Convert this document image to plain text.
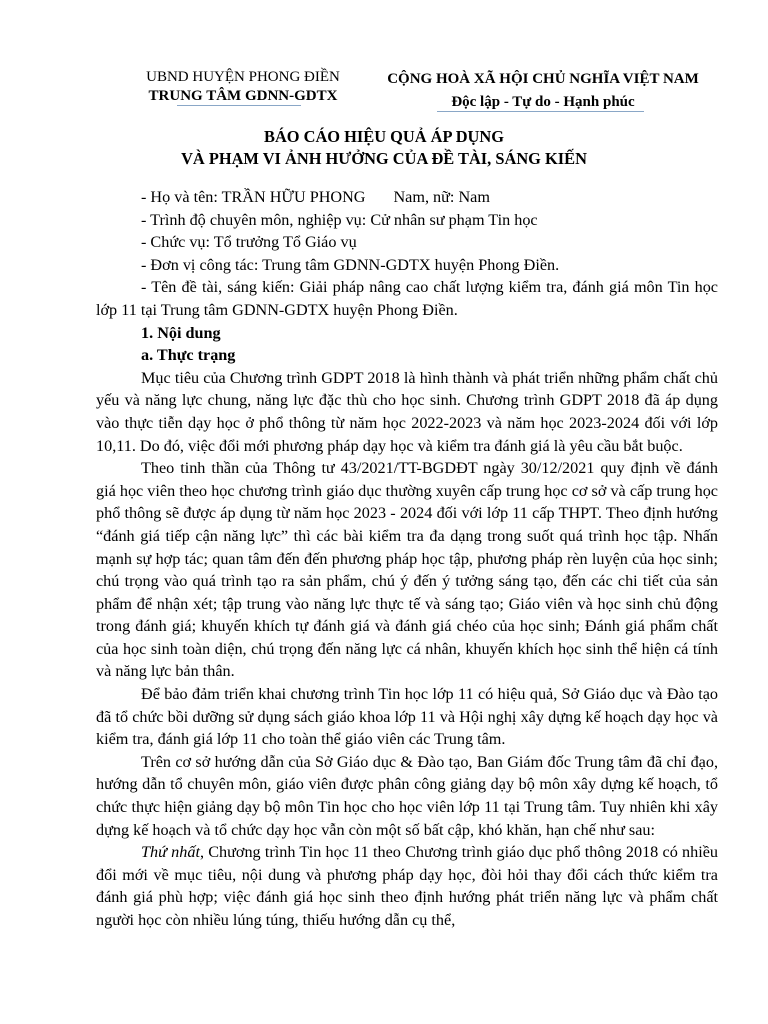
UBND HUYỆN PHONG ĐIỀN
TRUNG TÂM GDNN-GDTX
CỘNG HOÀ XÃ HỘI CHỦ NGHĨA VIỆT NAM
Độc lập - Tự do - Hạnh phúc
BÁO CÁO HIỆU QUẢ ÁP DỤNG
VÀ PHẠM VI ẢNH HƯỞNG CỦA ĐỀ TÀI, SÁNG KIẾN

- Họ và tên: TRẦN HỮU PHONG Nam, nữ: Nam

- Trình độ chuyên môn, nghiệp vụ: Cử nhân sư phạm Tin học

- Chức vụ: Tổ trưởng Tổ Giáo vụ

- Đơn vị công tác: Trung tâm GDNN-GDTX huyện Phong Điền.

- Tên đề tài, sáng kiến: Giải pháp nâng cao chất lượng kiểm tra, đánh giá môn Tin học lớp 11 tại Trung tâm GDNN-GDTX huyện Phong Điền.

1. Nội dung

a. Thực trạng

Mục tiêu của Chương trình GDPT 2018 là hình thành và phát triển những phẩm chất chủ yếu và năng lực chung, năng lực đặc thù cho học sinh. Chương trình GDPT 2018 đã áp dụng vào thực tiễn dạy học ở phổ thông từ năm học 2022-2023 và năm học 2023-2024 đối với lớp 10,11. Do đó, việc đổi mới phương pháp dạy học và kiểm tra đánh giá là yêu cầu bắt buộc.

Theo tinh thần của Thông tư 43/2021/TT-BGDĐT ngày 30/12/2021 quy định về đánh giá học viên theo học chương trình giáo dục thường xuyên cấp trung học cơ sở và cấp trung học phổ thông sẽ được áp dụng từ năm học 2023 - 2024 đối với lớp 11 cấp THPT. Theo định hướng “đánh giá tiếp cận năng lực” thì các bài kiểm tra đa dạng trong suốt quá trình học tập. Nhấn mạnh sự hợp tác; quan tâm đến đến phương pháp học tập, phương pháp rèn luyện của học sinh; chú trọng vào quá trình tạo ra sản phẩm, chú ý đến ý tưởng sáng tạo, đến các chi tiết của sản phẩm để nhận xét; tập trung vào năng lực thực tế và sáng tạo; Giáo viên và học sinh chủ động trong đánh giá; khuyến khích tự đánh giá và đánh giá chéo của học sinh; Đánh giá phẩm chất của học sinh toàn diện, chú trọng đến năng lực cá nhân, khuyến khích học sinh thể hiện cá tính và năng lực bản thân.

Để bảo đảm triển khai chương trình Tin học lớp 11 có hiệu quả, Sở Giáo dục và Đào tạo đã tổ chức bồi dưỡng sử dụng sách giáo khoa lớp 11 và Hội nghị xây dựng kế hoạch dạy học và kiểm tra, đánh giá lớp 11 cho toàn thể giáo viên các Trung tâm.

Trên cơ sở hướng dẫn của Sở Giáo dục & Đào tạo, Ban Giám đốc Trung tâm đã chỉ đạo, hướng dẫn tổ chuyên môn, giáo viên được phân công giảng dạy bộ môn xây dựng kế hoạch, tổ chức thực hiện giảng dạy bộ môn Tin học cho học viên lớp 11 tại Trung tâm. Tuy nhiên khi xây dựng kế hoạch và tổ chức dạy học vẫn còn một số bất cập, khó khăn, hạn chế như sau:

Thứ nhất, Chương trình Tin học 11 theo Chương trình giáo dục phổ thông 2018 có nhiều đổi mới về mục tiêu, nội dung và phương pháp dạy học, đòi hỏi thay đổi cách thức kiểm tra đánh giá phù hợp; việc đánh giá học sinh theo định hướng phát triển năng lực và phẩm chất người học còn nhiều lúng túng, thiếu hướng dẫn cụ thể,
